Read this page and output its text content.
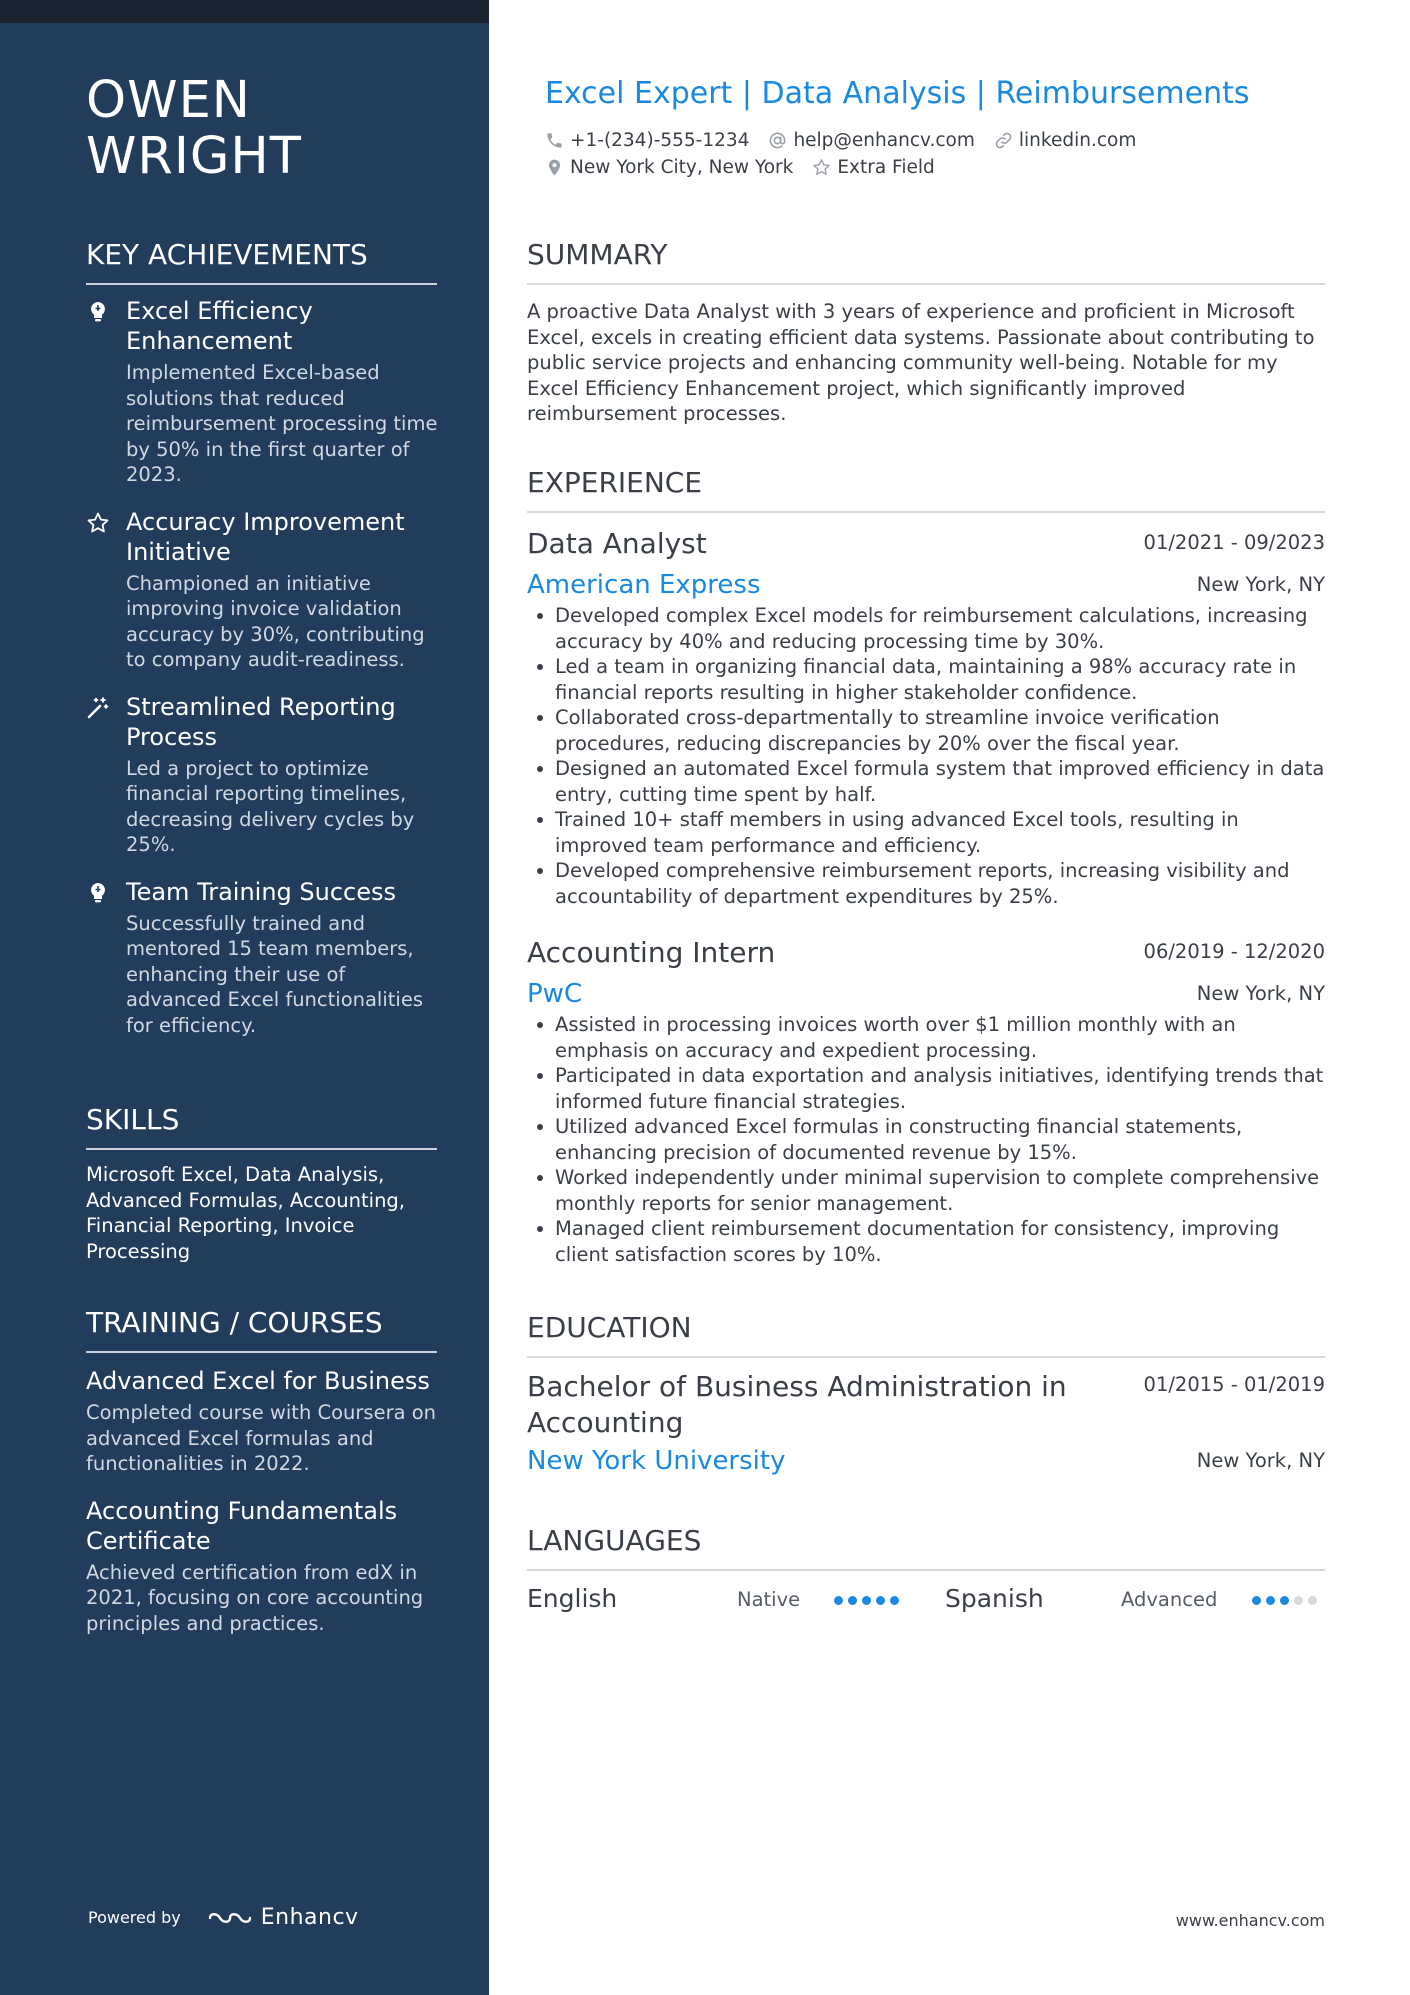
OWEN
WRIGHT
KEY ACHIEVEMENTS
Excel Efficiency Enhancement
Implemented Excel-based solutions that reduced reimbursement processing time by 50% in the first quarter of 2023.
Accuracy Improvement Initiative
Championed an initiative improving invoice validation accuracy by 30%, contributing to company audit-readiness.
Streamlined Reporting Process
Led a project to optimize financial reporting timelines, decreasing delivery cycles by 25%.
Team Training Success
Successfully trained and mentored 15 team members, enhancing their use of advanced Excel functionalities for efficiency.
SKILLS
Microsoft Excel, Data Analysis, Advanced Formulas, Accounting, Financial Reporting, Invoice Processing
TRAINING / COURSES
Advanced Excel for Business
Completed course with Coursera on advanced Excel formulas and functionalities in 2022.
Accounting Fundamentals Certificate
Achieved certification from edX in 2021, focusing on core accounting principles and practices.
Powered by	Enhancv
Excel Expert | Data Analysis | Reimbursements
+1-(234)-555-1234 help@enhancv.com linkedin.com
New York City, New York Extra Field
SUMMARY

A proactive Data Analyst with 3 years of experience and proficient in Microsoft Excel, excels in creating efficient data systems. Passionate about contributing to public service projects and enhancing community well-being. Notable for my Excel Efficiency Enhancement project, which significantly improved reimbursement processes.

EXPERIENCE
Data Analyst	01/2021 - 09/2023
American Express	New York, NY
Developed complex Excel models for reimbursement calculations, increasing accuracy by 40% and reducing processing time by 30%.
Led a team in organizing financial data, maintaining a 98% accuracy rate in financial reports resulting in higher stakeholder confidence.
Collaborated cross-departmentally to streamline invoice verification procedures, reducing discrepancies by 20% over the fiscal year.
Designed an automated Excel formula system that improved efficiency in data entry, cutting time spent by half.
Trained 10+ staff members in using advanced Excel tools, resulting in improved team performance and efficiency.
Developed comprehensive reimbursement reports, increasing visibility and accountability of department expenditures by 25%.
Accounting Intern	06/2019 - 12/2020
PwC	New York, NY
Assisted in processing invoices worth over $1 million monthly with an emphasis on accuracy and expedient processing.
Participated in data exportation and analysis initiatives, identifying trends that informed future financial strategies.
Utilized advanced Excel formulas in constructing financial statements, enhancing precision of documented revenue by 15%.
Worked independently under minimal supervision to complete comprehensive monthly reports for senior management.
Managed client reimbursement documentation for consistency, improving client satisfaction scores by 10%.
EDUCATION
Bachelor of Business Administration in Accounting
01/2015 - 01/2019
New York University	New York, NY
LANGUAGES
English	Native	Spanish	Advanced
www.enhancv.com
